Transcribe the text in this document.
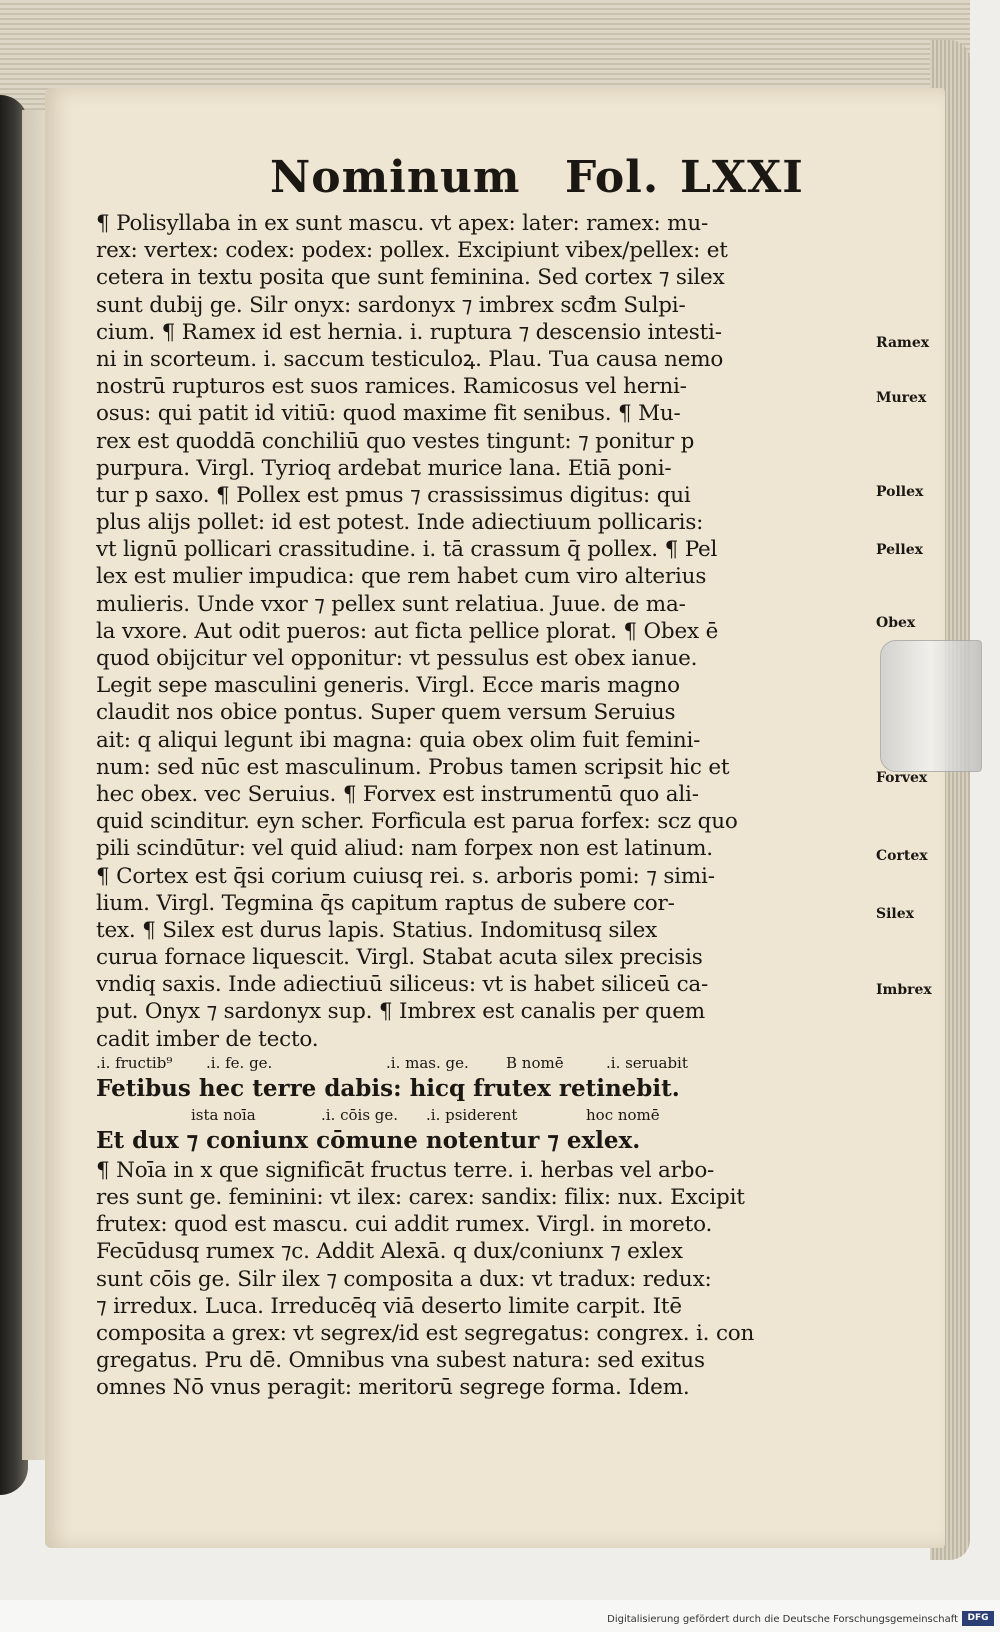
Nominum Fol. LXXI
¶ Polisyllaba in ex sunt mascu. vt apex: later: ramex: mu-
rex: vertex: codex: podex: pollex. Excipiunt vibex/pellex: et
cetera in textu posita que sunt feminina. Sed cortex ⁊ silex
sunt dubij ge. Silr onyx: sardonyx ⁊ imbrex scđm Sulpi-
cium. ¶ Ramex id est hernia. i. ruptura ⁊ descensio intesti-
ni in scorteum. i. saccum testiculoꝝ. Plau. Tua causa nemo
nostrū rupturos est suos ramices. Ramicosus vel herni-
osus: qui patit id vitiū: quod maxime fit senibus. ¶ Mu-
rex est quoddā conchiliū quo vestes tingunt: ⁊ ponitur p
purpura. Virgl. Tyrioq ardebat murice lana. Etiā poni-
tur p saxo. ¶ Pollex est pmus ⁊ crassissimus digitus: qui
plus alijs pollet: id est potest. Inde adiectiuum pollicaris:
vt lignū pollicari crassitudine. i. tā crassum q̄ pollex. ¶ Pel
lex est mulier impudica: que rem habet cum viro alterius
mulieris. Unde vxor ⁊ pellex sunt relatiua. Juue. de ma-
la vxore. Aut odit pueros: aut ficta pellice plorat. ¶ Obex ē
quod obijcitur vel opponitur: vt pessulus est obex ianue.
Legit sepe masculini generis. Virgl. Ecce maris magno
claudit nos obice pontus. Super quem versum Seruius
ait: q aliqui legunt ibi magna: quia obex olim fuit femini-
num: sed nūc est masculinum. Probus tamen scripsit hic et
hec obex. vec Seruius. ¶ Forvex est instrumentū quo ali-
quid scinditur. eyn scher. Forficula est parua forfex: scz quo
pili scindūtur: vel quid aliud: nam forpex non est latinum.
¶ Cortex est q̄si corium cuiusq rei. s. arboris pomi: ⁊ simi-
lium. Virgl. Tegmina q̄s capitum raptus de subere cor-
tex. ¶ Silex est durus lapis. Statius. Indomitusq silex
curua fornace liquescit. Virgl. Stabat acuta silex precisis
vndiq saxis. Inde adiectiuū siliceus: vt is habet siliceū ca-
put. Onyx ⁊ sardonyx sup. ¶ Imbrex est canalis per quem
cadit imber de tecto.
.i. fructib⁹ .i. fe. ge.	.i. mas. ge. B nomē	.i. seruabit
Fetibus hec terre dabis: hicq frutex retinebit.
ista noīa	.i. cōis ge. .i. psiderent	hoc nomē
Et dux ⁊ coniunx cōmune notentur ⁊ exlex.
¶ Noīa in x que significāt fructus terre. i. herbas vel arbo-
res sunt ge. feminini: vt ilex: carex: sandix: filix: nux. Excipit
frutex: quod est mascu. cui addit rumex. Virgl. in moreto.
Fecūdusq rumex ⁊c. Addit Alexā. q dux/coniunx ⁊ exlex
sunt cōis ge. Silr ilex ⁊ composita a dux: vt tradux: redux:
⁊ irredux. Luca. Irreducēq viā deserto limite carpit. Itē
composita a grex: vt segrex/id est segregatus: congrex. i. con
gregatus. Pru dē. Omnibus vna subest natura: sed exitus
omnes Nō vnus peragit: meritorū segrege forma. Idem.
Ramex
Murex
Pollex
Pellex
Obex
Forvex
Cortex
Silex
Imbrex
Digitalisierung gefördert durch die Deutsche Forschungsgemeinschaft	DFG
